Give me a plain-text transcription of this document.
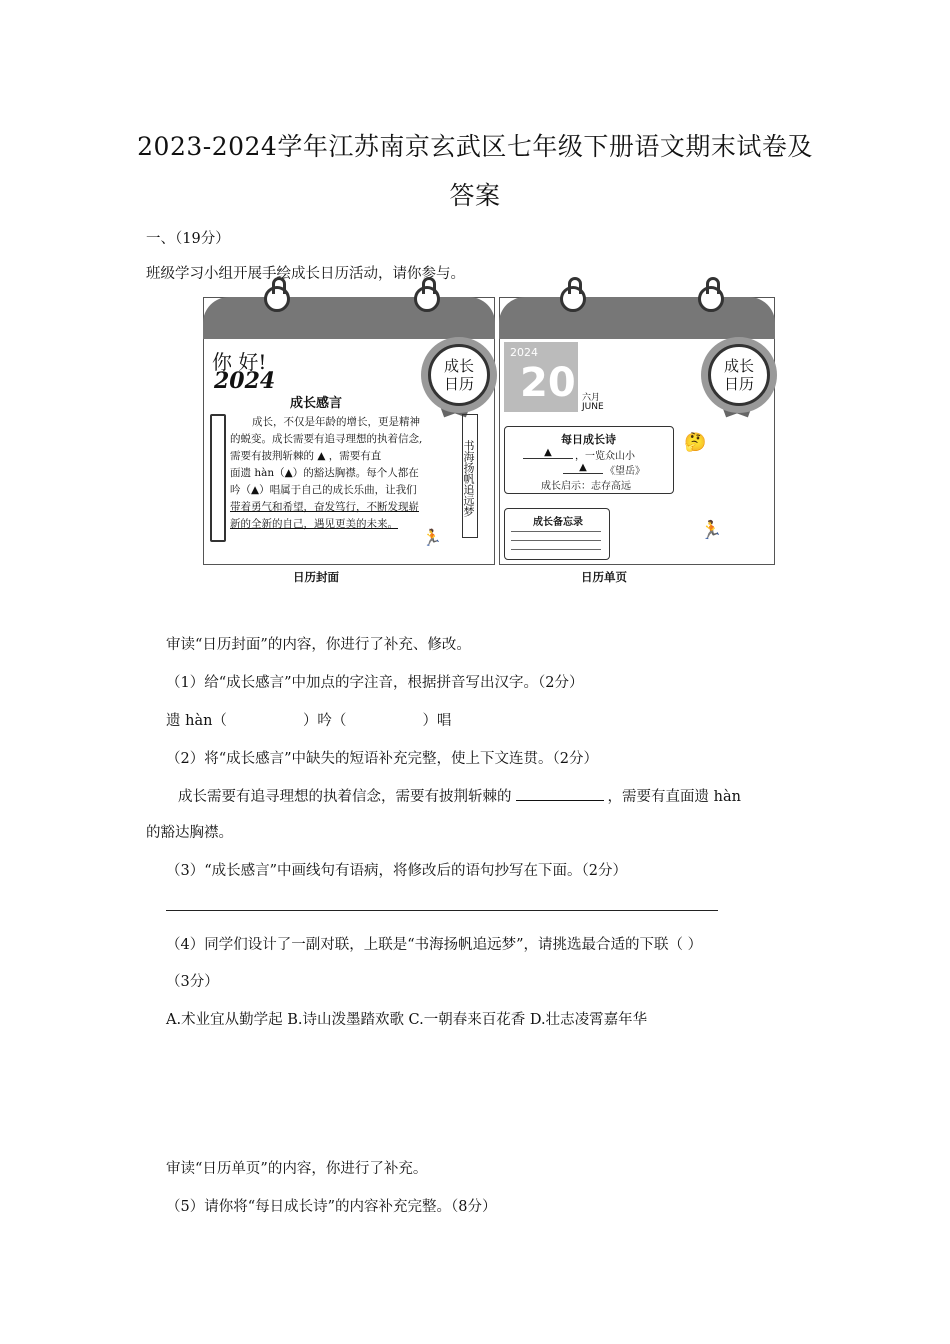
2023-2024学年江苏南京玄武区七年级下册语文期末试卷及
答案
一、（19分）
班级学习小组开展手绘成长日历活动，请你参与。
你 好!
2024
成长日历
成长感言
成长，不仅是年龄的增长，更是精神
的蜕变。成长需要有追寻理想的执着信念,
需要有披荆斩棘的 ▲ ，需要有直
面遗 hàn（▲）的豁达胸襟。每个人都在
吟（▲）唱属于自己的成长乐曲，让我们
带着勇气和希望，奋发笃行，不断发现崭
新的全新的自己，遇见更美的未来。
书海扬帆追远梦
🏃
日历封面
2024
20 六月
JUNE
成长日历
每日成长诗
▲	，一览众山小
▲	《望岳》
成长启示：志存高远
🤔
成长备忘录	🏃
日历单页
审读“日历封面”的内容，你进行了补充、修改。
（1）给“成长感言”中加点的字注音，根据拼音写出汉字。（2分）
遗 hàn（	）吟（	）唱
（2）将“成长感言”中缺失的短语补充完整，使上下文连贯。（2分）
成长需要有追寻理想的执着信念，需要有披荆斩棘的	，需要有直面遗 hàn
的豁达胸襟。
（3）“成长感言”中画线句有语病，将修改后的语句抄写在下面。（2分）
（4）同学们设计了一副对联，上联是“书海扬帆追远梦”，请挑选最合适的下联（ ）
（3分）
A.术业宜从勤学起 B.诗山泼墨踏欢歌 C.一朝春来百花香 D.壮志凌霄嘉年华
审读“日历单页”的内容，你进行了补充。
（5）请你将“每日成长诗”的内容补充完整。（8分）
